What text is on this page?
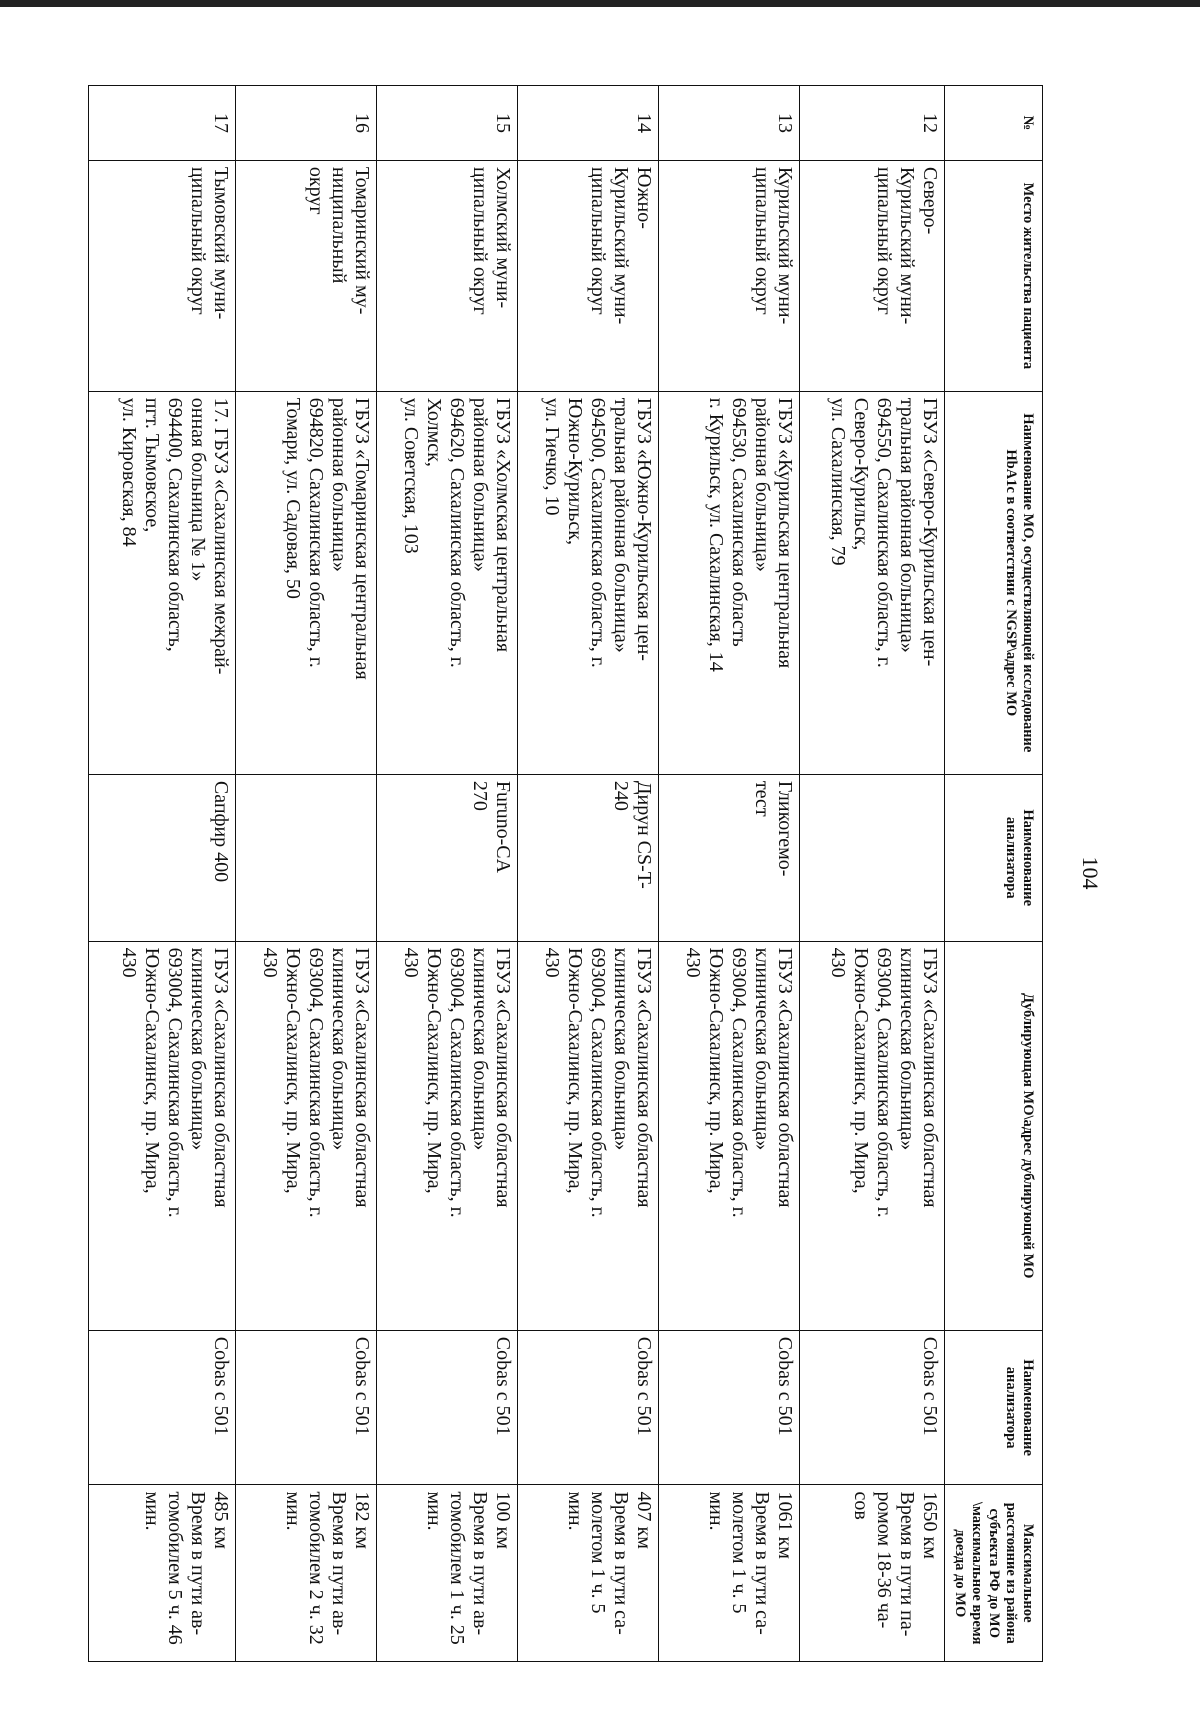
104
№	Место жительства пациента	Наименование МО, осуществляющей исследование HbA1c в соответствии с NGSP\адрес МО	Наименование анализатора	Дублирующая МО\адрес дублирующей МО	Наименование анализатора	Максимальное расстояние из района субъекта РФ до МО \максимальное время доезда до МО
12	Северо-
Курильский муни-
ципальный округ	ГБУЗ «Северо-Курильская цен-
тральная районная больница»
694550, Сахалинская область, г.
Северо-Курильск,
ул. Сахалинская, 79		ГБУЗ «Сахалинская областная
клиническая больница»
693004, Сахалинская область, г.
Южно-Сахалинск, пр. Мира,
430	Cobas c 501	1650 км
Время в пути па-
ромом 18-36 ча-
сов

13	Курильский муни-
ципальный округ	ГБУЗ «Курильская центральная
районная больница»
694530, Сахалинская область
г. Курильск, ул. Сахалинская, 14	Гликогемо-
тест	ГБУЗ «Сахалинская областная
клиническая больница»
693004, Сахалинская область, г.
Южно-Сахалинск, пр. Мира,
430	Cobas c 501	1061 км
Время в пути са-
молетом 1 ч. 5
мин.

14	Южно-
Курильский муни-
ципальный округ	ГБУЗ «Южно-Курильская цен-
тральная районная больница»
694500, Сахалинская область, г.
Южно-Курильск,
ул. Гиечко, 10	Дирун CS-T-
240	ГБУЗ «Сахалинская областная
клиническая больница»
693004, Сахалинская область, г.
Южно-Сахалинск, пр. Мира,
430	Cobas c 501	407 км
Время в пути са-
молетом 1 ч. 5
мин.

15	Холмский муни-
ципальный округ	ГБУЗ «Холмская центральная
районная больница»
694620, Сахалинская область, г.
Холмск,
ул. Советская, 103	Furuno-CA
270	ГБУЗ «Сахалинская областная
клиническая больница»
693004, Сахалинская область, г.
Южно-Сахалинск, пр. Мира,
430	Cobas c 501	100 км
Время в пути ав-
томобилем 1 ч. 25
мин.

16	Томаринский му-
ниципальный
округ	ГБУЗ «Томаринская центральная
районная больница»
694820, Сахалинская область, г.
Томари, ул. Садовая, 50		ГБУЗ «Сахалинская областная
клиническая больница»
693004, Сахалинская область, г.
Южно-Сахалинск, пр. Мира,
430	Cobas c 501	182 км
Время в пути ав-
томобилем 2 ч. 32
мин.

17	Тымовский муни-
ципальный округ	17. ГБУЗ «Сахалинская межрай-
онная больница № 1»
694400, Сахалинская область,
пгт. Тымовское,
ул. Кировская, 84	Сапфир 400	ГБУЗ «Сахалинская областная
клиническая больница»
693004, Сахалинская область, г.
Южно-Сахалинск, пр. Мира,
430	Cobas c 501	485 км
Время в пути ав-
томобилем 5 ч. 46
мин.
